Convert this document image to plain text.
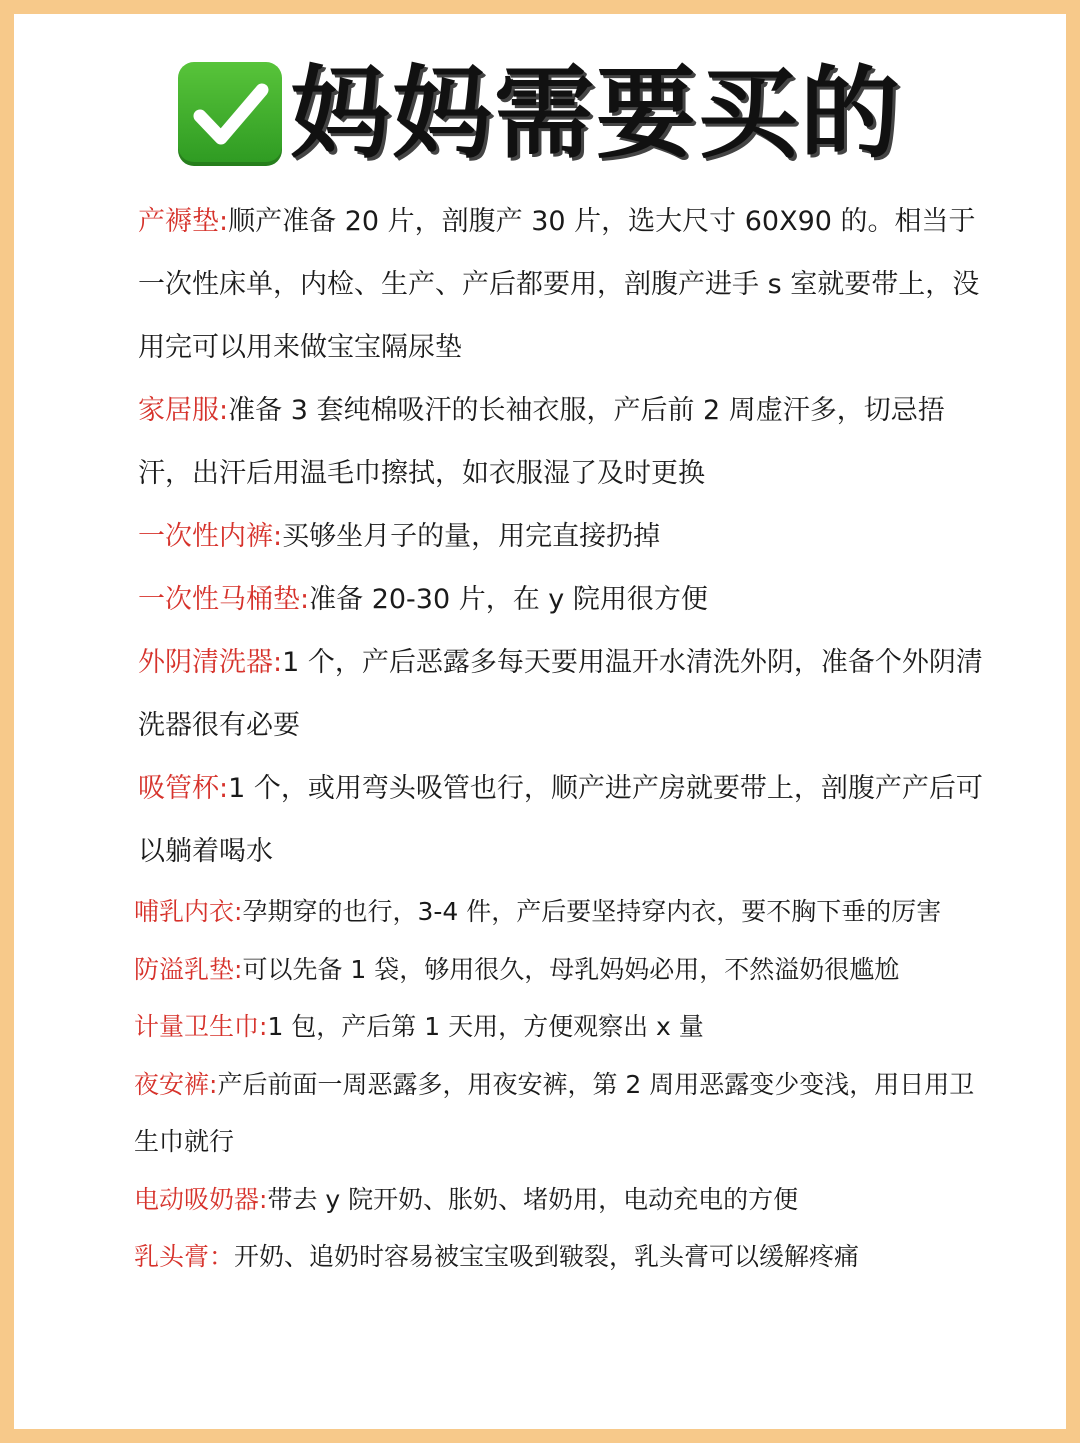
妈妈需要买的

产褥垫:顺产准备 20 片，剖腹产 30 片，选大尺寸 60X90 的。相当于一次性床单，内检、生产、产后都要用，剖腹产进手 s 室就要带上，没用完可以用来做宝宝隔尿垫

家居服:准备 3 套纯棉吸汗的长袖衣服，产后前 2 周虚汗多，切忌捂汗，出汗后用温毛巾擦拭，如衣服湿了及时更换

一次性内裤:买够坐月子的量，用完直接扔掉

一次性马桶垫:准备 20-30 片，在 y 院用很方便

外阴清洗器:1 个，产后恶露多每天要用温开水清洗外阴，准备个外阴清洗器很有必要

吸管杯:1 个，或用弯头吸管也行，顺产进产房就要带上，剖腹产产后可以躺着喝水

哺乳内衣:孕期穿的也行，3-4 件，产后要坚持穿内衣，要不胸下垂的厉害

防溢乳垫:可以先备 1 袋，够用很久，母乳妈妈必用，不然溢奶很尴尬

计量卫生巾:1 包，产后第 1 天用，方便观察出 x 量

夜安裤:产后前面一周恶露多，用夜安裤，第 2 周用恶露变少变浅，用日用卫生巾就行

电动吸奶器:带去 y 院开奶、胀奶、堵奶用，电动充电的方便

乳头膏：开奶、追奶时容易被宝宝吸到皲裂，乳头膏可以缓解疼痛
